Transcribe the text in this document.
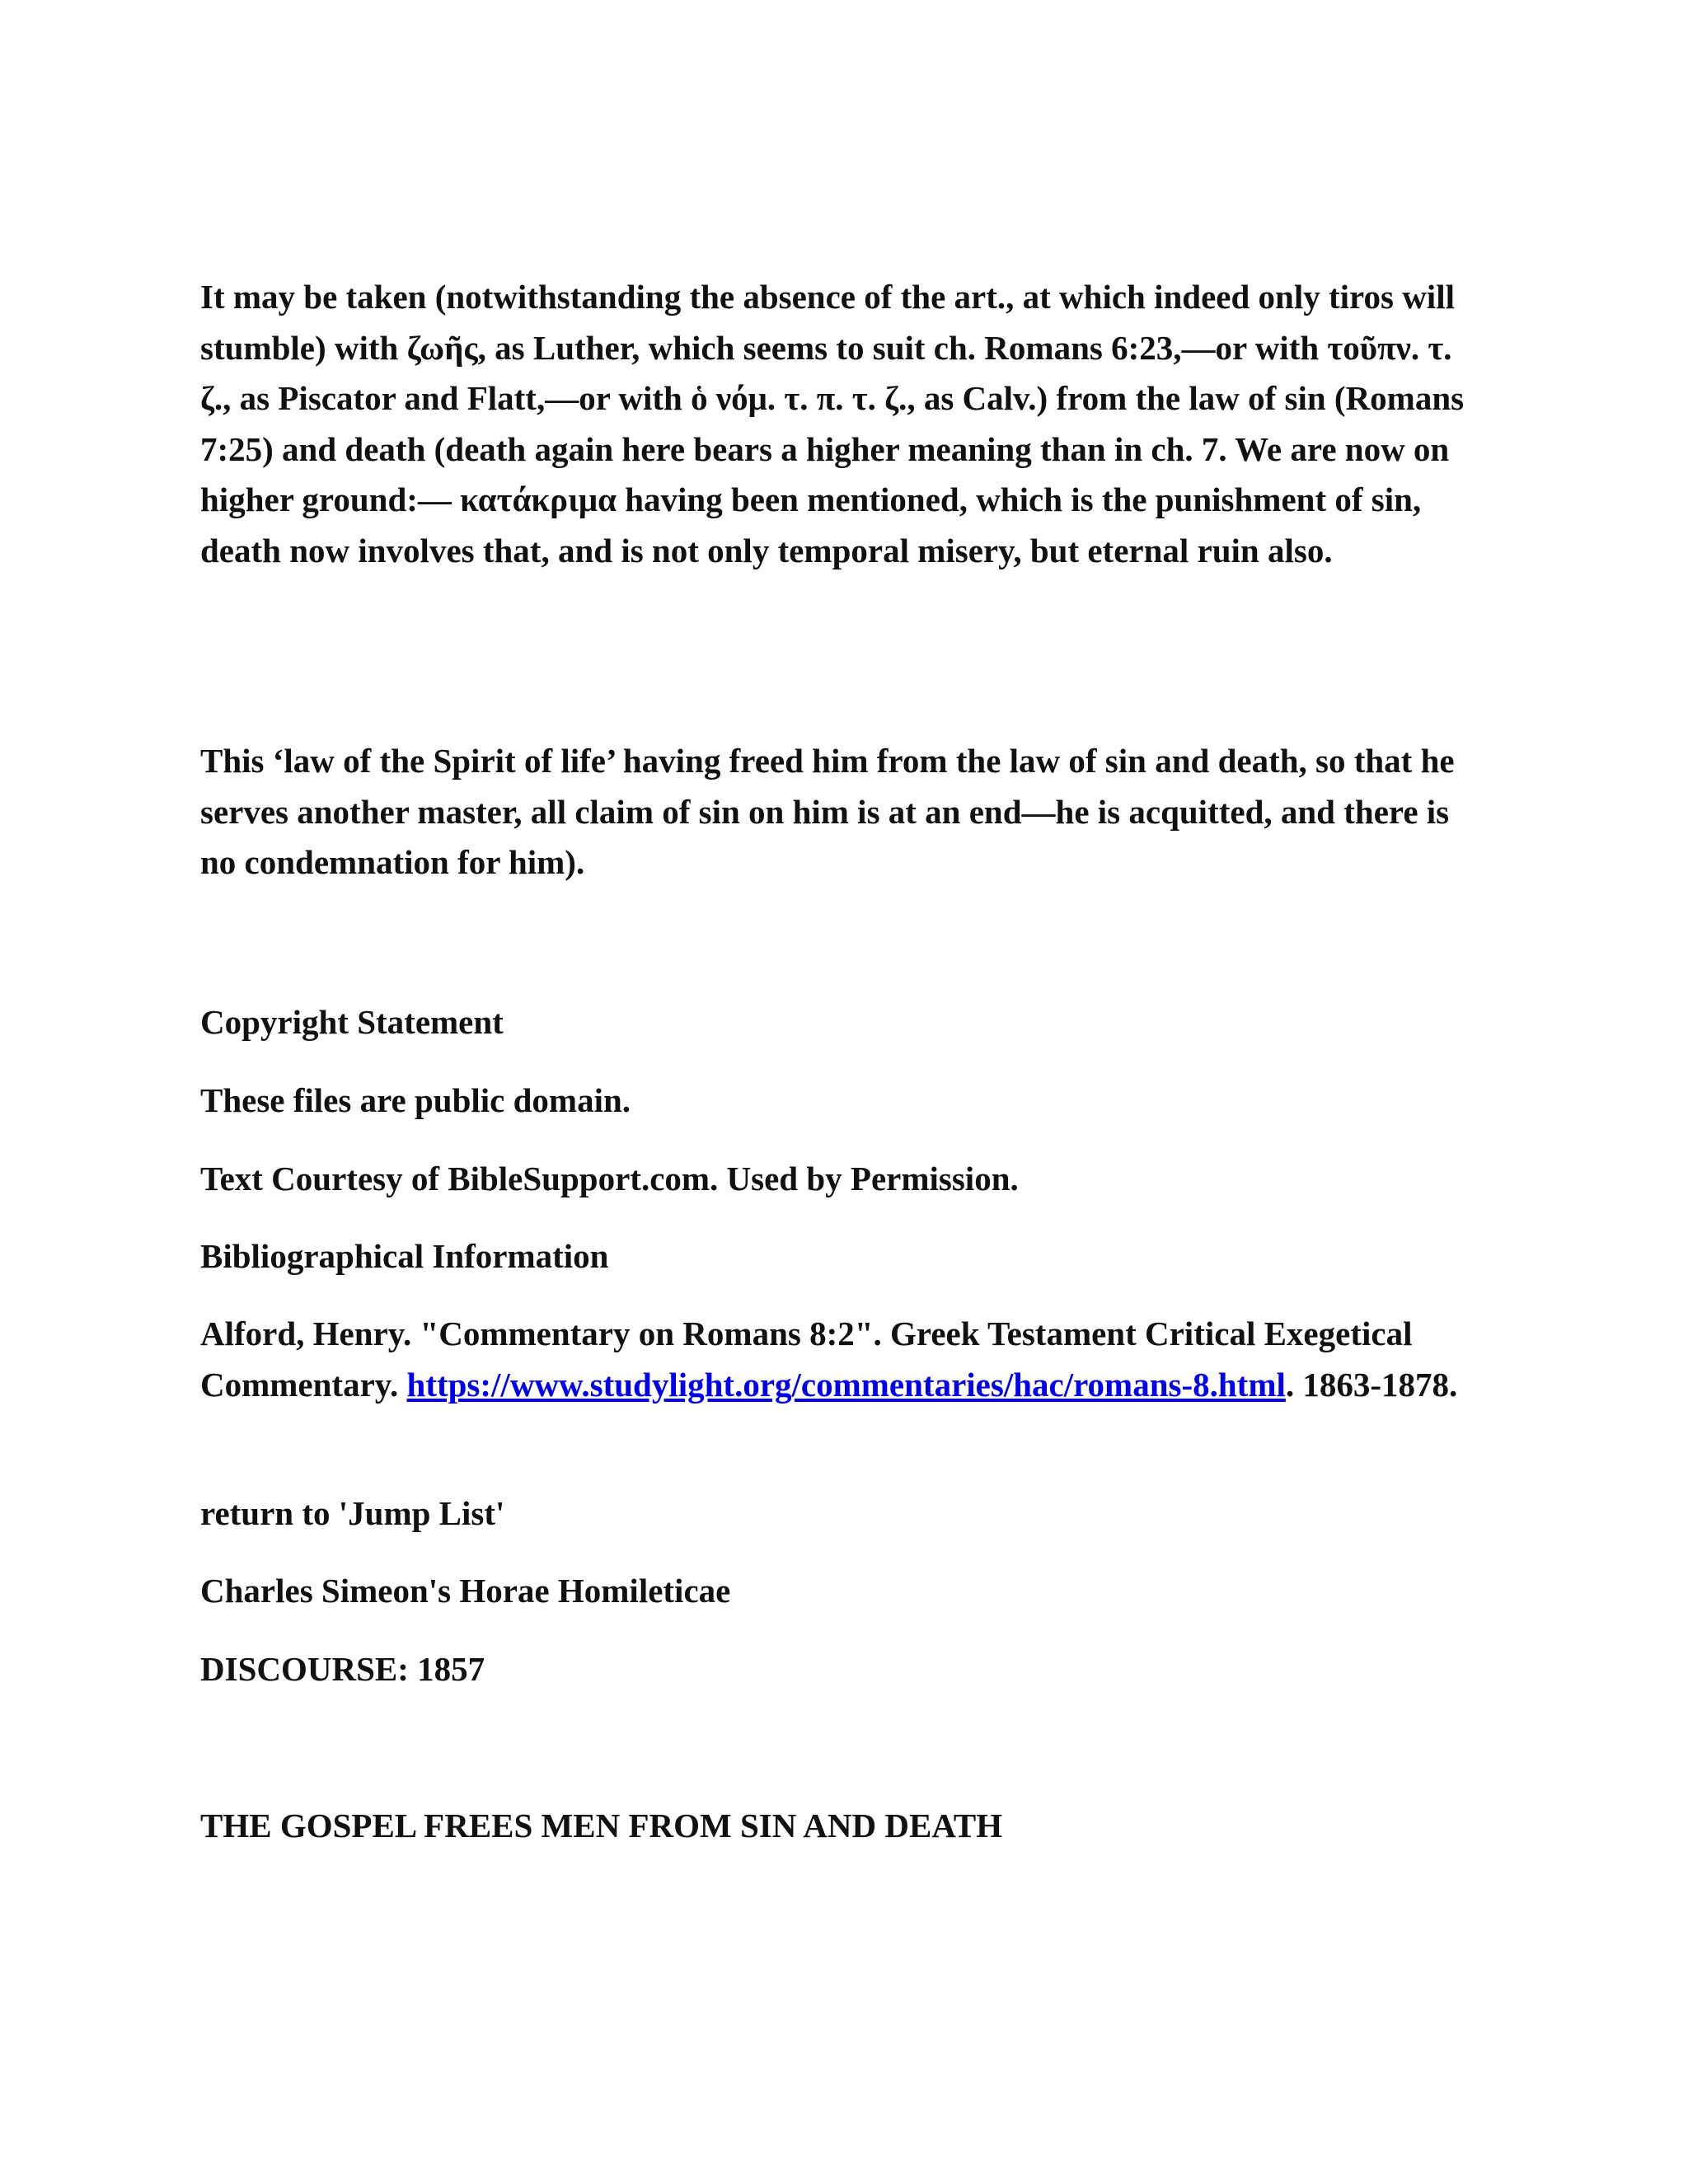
It may be taken (notwithstanding the absence of the art., at which indeed only tiros will stumble) with ζωῆς, as Luther, which seems to suit ch. Romans 6:23,—or with τοῦπν. τ. ζ., as Piscator and Flatt,—or with ὁ νόμ. τ. π. τ. ζ., as Calv.) from the law of sin (Romans 7:25) and death (death again here bears a higher meaning than in ch. 7. We are now on higher ground:— κατάκριμα having been mentioned, which is the punishment of sin, death now involves that, and is not only temporal misery, but eternal ruin also.

This ‘law of the Spirit of life’ having freed him from the law of sin and death, so that he serves another master, all claim of sin on him is at an end—he is acquitted, and there is no condemnation for him).

Copyright Statement

These files are public domain.

Text Courtesy of BibleSupport.com. Used by Permission.

Bibliographical Information

Alford, Henry. "Commentary on Romans 8:2". Greek Testament Critical Exegetical Commentary. https://www.studylight.org/commentaries/hac/romans-8.html. 1863-1878.

return to 'Jump List'

Charles Simeon's Horae Homileticae

DISCOURSE: 1857

THE GOSPEL FREES MEN FROM SIN AND DEATH
